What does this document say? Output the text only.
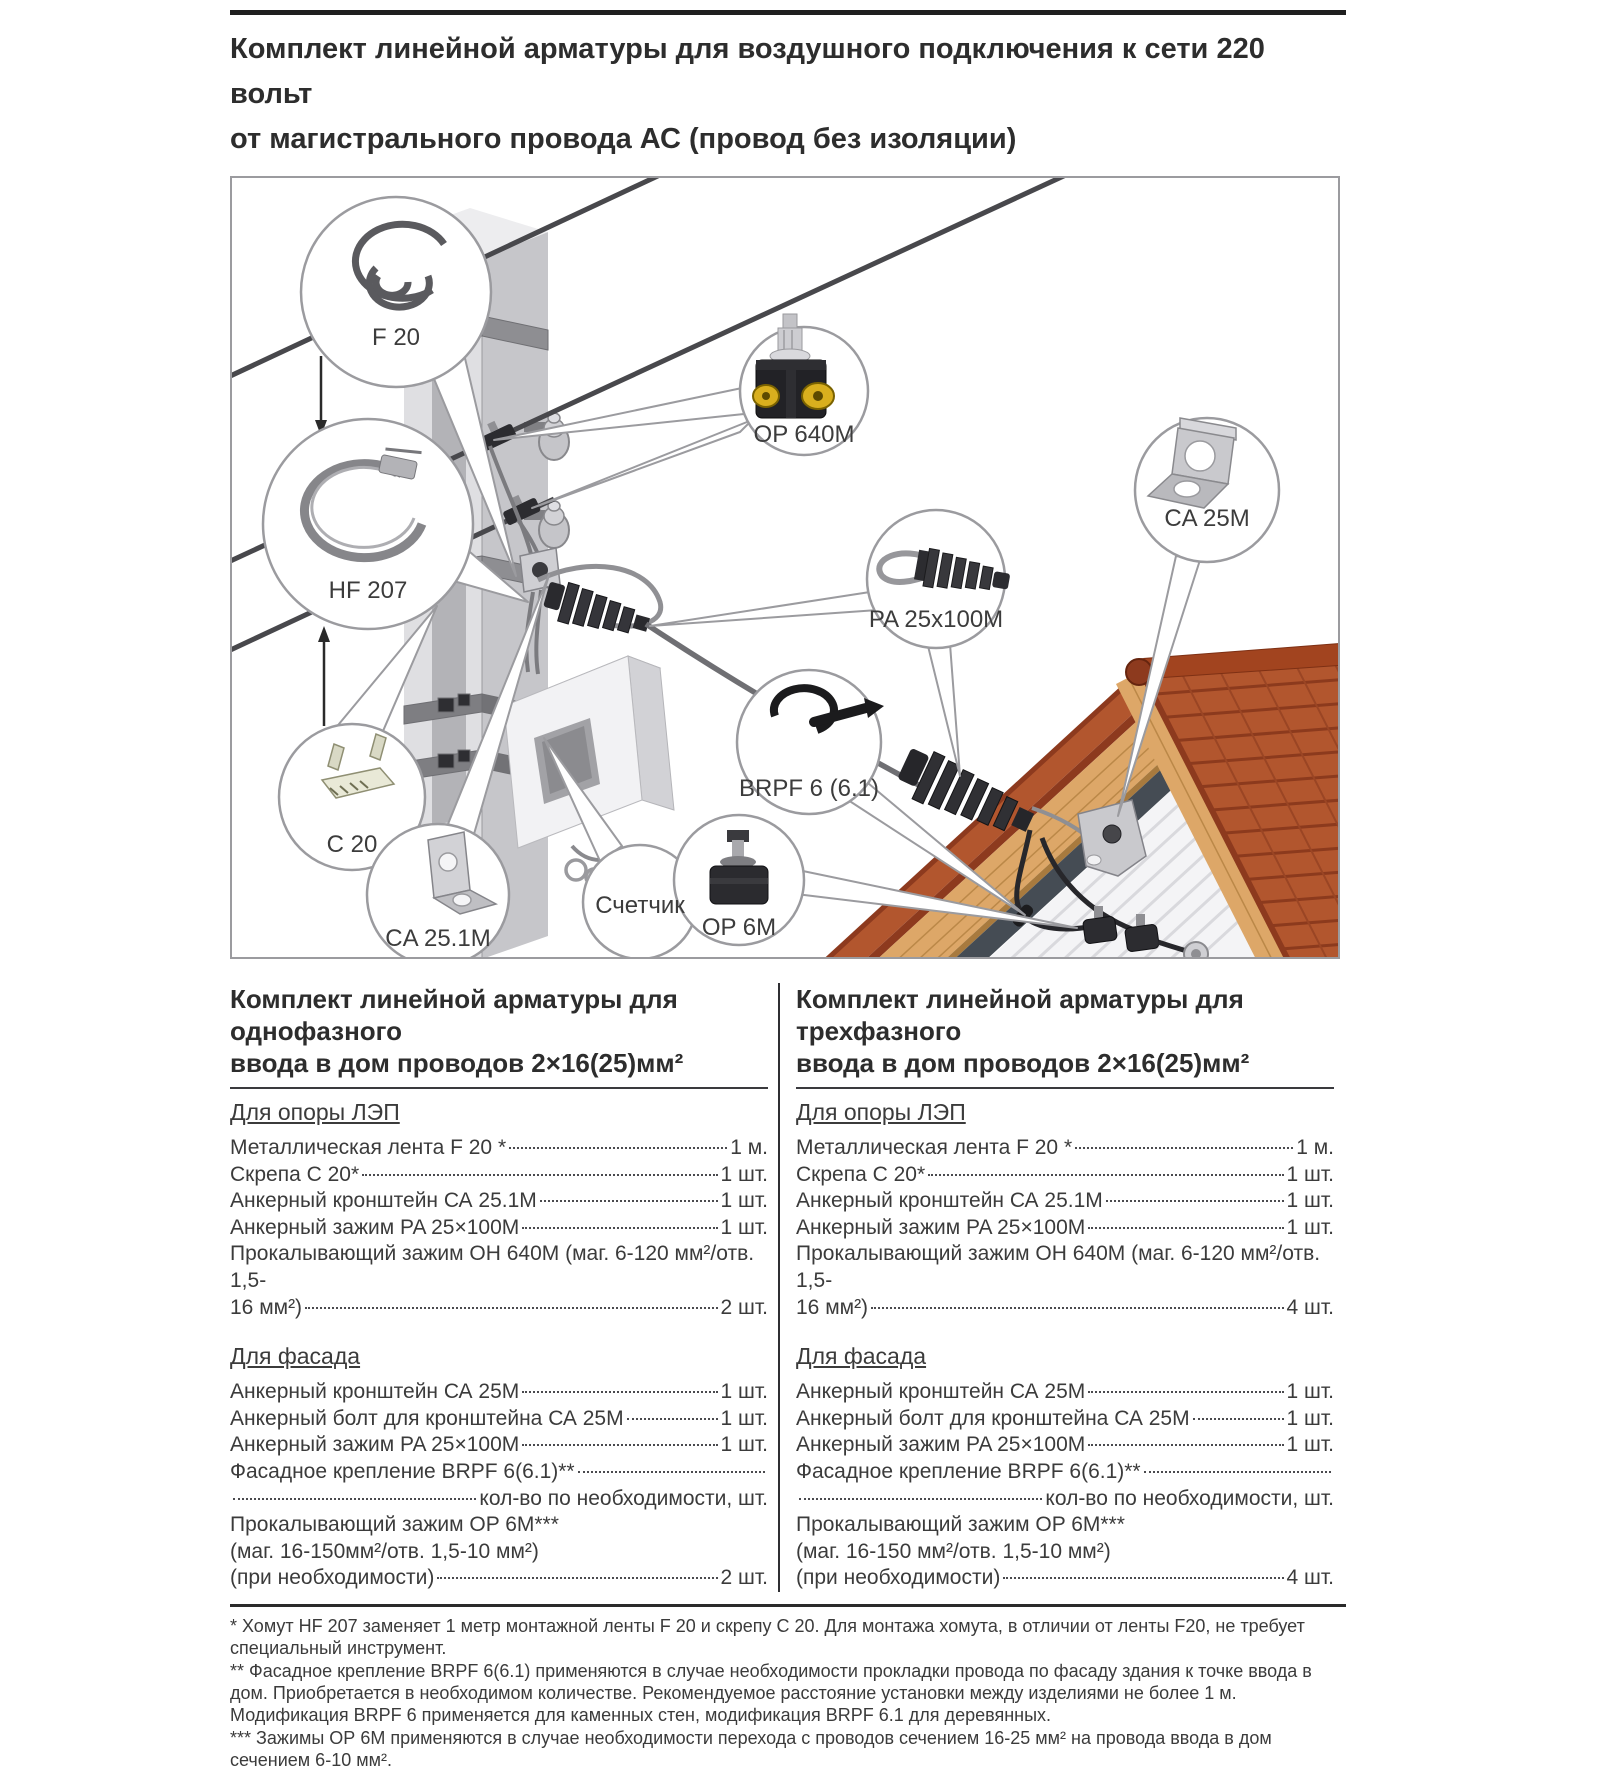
Комплект линейной арматуры для воздушного подключения к сети 220 вольт
от магистрального провода АС (провод без изоляции)
F 20
HF 207
C 20
CA 25.1M
Счетчик
OP 6M
BRPF 6 (6.1)
PA 25x100M
OP 640M
CA 25M
Комплект линейной арматуры для однофазного
ввода в дом проводов 2×16(25)мм²
Для опоры ЛЭП
Металлическая лента F 20 *	1 м.
Скрепа С 20*	1 шт.
Анкерный кронштейн СА 25.1М	1 шт.
Анкерный зажим PA 25×100M	1 шт.
Прокалывающий зажим ОН 640М (маг. 6-120 мм²/отв. 1,5-
16 мм²)	2 шт.
Для фасада
Анкерный кронштейн СА 25М	1 шт.
Анкерный болт для кронштейна СА 25М	1 шт.
Анкерный зажим PA 25×100M	1 шт.
Фасадное крепление BRPF 6(6.1)**
кол-во по необходимости, шт.
Прокалывающий зажим OP 6M***
(маг. 16-150мм²/отв. 1,5-10 мм²)
(при необходимости)	2 шт.
Комплект линейной арматуры для трехфазного
ввода в дом проводов 2×16(25)мм²
Для опоры ЛЭП
Металлическая лента F 20 *	1 м.
Скрепа С 20*	1 шт.
Анкерный кронштейн СА 25.1М	1 шт.
Анкерный зажим PA 25×100M	1 шт.
Прокалывающий зажим ОН 640М (маг. 6-120 мм²/отв. 1,5-
16 мм²)	4 шт.
Для фасада
Анкерный кронштейн СА 25М	1 шт.
Анкерный болт для кронштейна СА 25М	1 шт.
Анкерный зажим PA 25×100M	1 шт.
Фасадное крепление BRPF 6(6.1)**
кол-во по необходимости, шт.
Прокалывающий зажим OP 6M***
(маг. 16-150 мм²/отв. 1,5-10 мм²)
(при необходимости)	4 шт.

* Хомут HF 207 заменяет 1 метр монтажной ленты F 20 и скрепу С 20. Для монтажа хомута, в отличии от ленты F20, не требует специальный инструмент.

** Фасадное крепление BRPF 6(6.1) применяются в случае необходимости прокладки провода по фасаду здания к точке ввода в дом. Приобретается в необходимом количестве. Рекомендуемое расстояние установки между изделиями не более 1 м. Модификация BRPF 6 применяется для каменных стен, модификация BRPF 6.1 для деревянных.

*** Зажимы ОР 6М применяются в случае необходимости перехода с проводов сечением 16-25 мм² на провода ввода в дом сечением 6-10 мм².
